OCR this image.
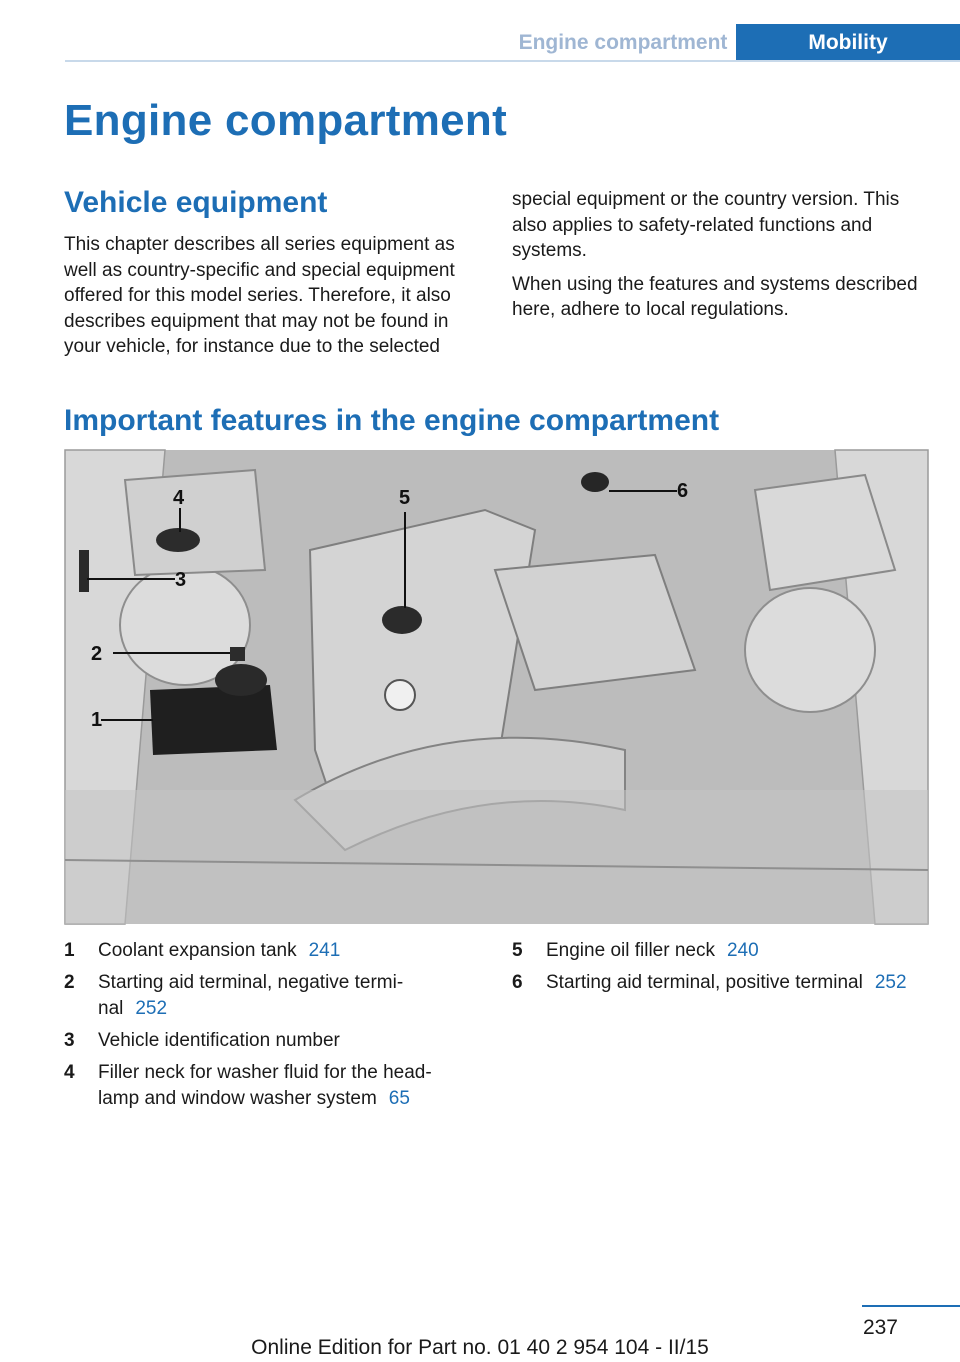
Engine compartment	Mobility
Engine compartment
Vehicle equipment

This chapter describes all series equipment as well as country-specific and special equipment offered for this model series. Therefore, it also describes equipment that may not be found in your vehicle, for instance due to the selected

special equipment or the country version. This also applies to safety-related functions and systems.

When using the features and systems described here, adhere to local regulations.

Important features in the engine compartment
1
2
3
4	5	6
MV10057CMA
1	Coolant expansion tank 241
2	Starting aid terminal, negative terminal 252
3	Vehicle identification number
4	Filler neck for washer fluid for the headlamp and window washer system 65
5	Engine oil filler neck 240
6	Starting aid terminal, positive terminal 252
237
Online Edition for Part no. 01 40 2 954 104 - II/15
